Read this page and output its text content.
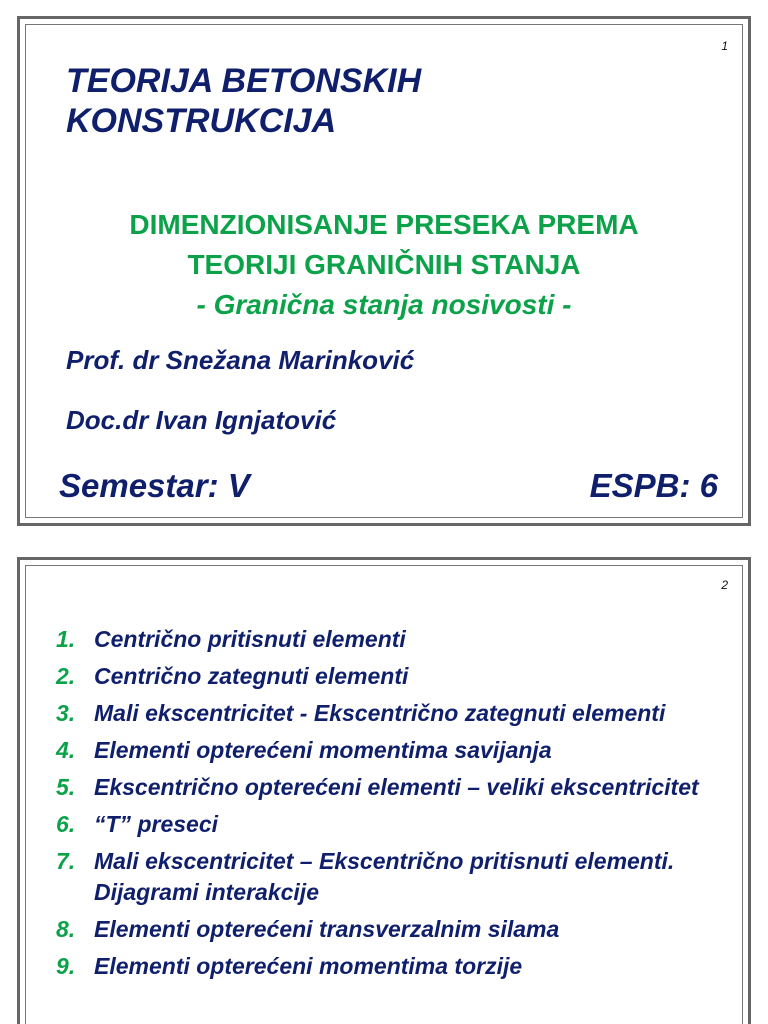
1
TEORIJA BETONSKIH
KONSTRUKCIJA
DIMENZIONISANJE PRESEKA PREMA
TEORIJI GRANIČNIH STANJA
- Granična stanja nosivosti -
Prof. dr Snežana Marinković
Doc.dr Ivan Ignjatović
Semestar: V	ESPB: 6
2
1. Centrično pritisnuti elementi
2. Centrično zategnuti elementi
3. Mali ekscentricitet - Ekscentrično zategnuti elementi
4. Elementi opterećeni momentima savijanja
5. Ekscentrično opterećeni elementi – veliki ekscentricitet
6. “T” preseci
7. Mali ekscentricitet – Ekscentrično pritisnuti elementi. Dijagrami interakcije
8. Elementi opterećeni transverzalnim silama
9. Elementi opterećeni momentima torzije
